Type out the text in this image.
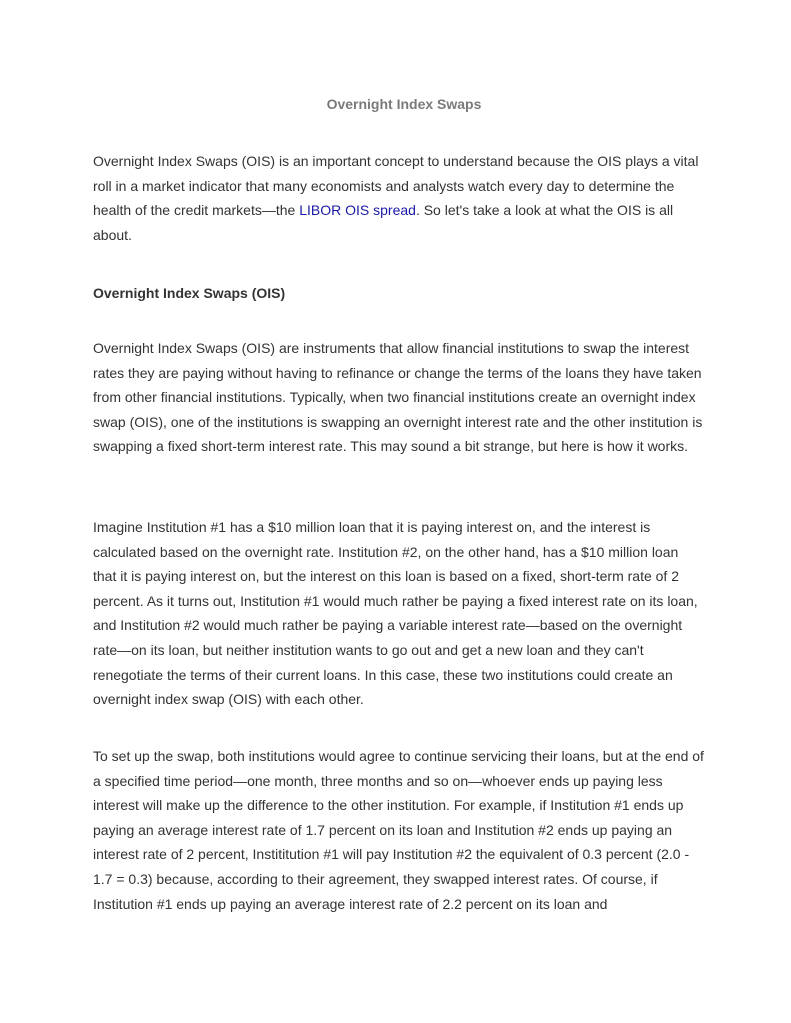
Overnight Index Swaps

Overnight Index Swaps (OIS) is an important concept to understand because the OIS plays a vital roll in a market indicator that many economists and analysts watch every day to determine the health of the credit markets—the LIBOR OIS spread. So let's take a look at what the OIS is all about.

Overnight Index Swaps (OIS)

Overnight Index Swaps (OIS) are instruments that allow financial institutions to swap the interest rates they are paying without having to refinance or change the terms of the loans they have taken from other financial institutions. Typically, when two financial institutions create an overnight index swap (OIS), one of the institutions is swapping an overnight interest rate and the other institution is swapping a fixed short-term interest rate. This may sound a bit strange, but here is how it works.

Imagine Institution #1 has a $10 million loan that it is paying interest on, and the interest is calculated based on the overnight rate. Institution #2, on the other hand, has a $10 million loan that it is paying interest on, but the interest on this loan is based on a fixed, short-term rate of 2 percent. As it turns out, Institution #1 would much rather be paying a fixed interest rate on its loan, and Institution #2 would much rather be paying a variable interest rate—based on the overnight rate—on its loan, but neither institution wants to go out and get a new loan and they can't renegotiate the terms of their current loans. In this case, these two institutions could create an overnight index swap (OIS) with each other.

To set up the swap, both institutions would agree to continue servicing their loans, but at the end of a specified time period—one month, three months and so on—whoever ends up paying less interest will make up the difference to the other institution. For example, if Institution #1 ends up paying an average interest rate of 1.7 percent on its loan and Institution #2 ends up paying an interest rate of 2 percent, Instititution #1 will pay Institution #2 the equivalent of 0.3 percent (2.0 - 1.7 = 0.3) because, according to their agreement, they swapped interest rates. Of course, if Institution #1 ends up paying an average interest rate of 2.2 percent on its loan and
